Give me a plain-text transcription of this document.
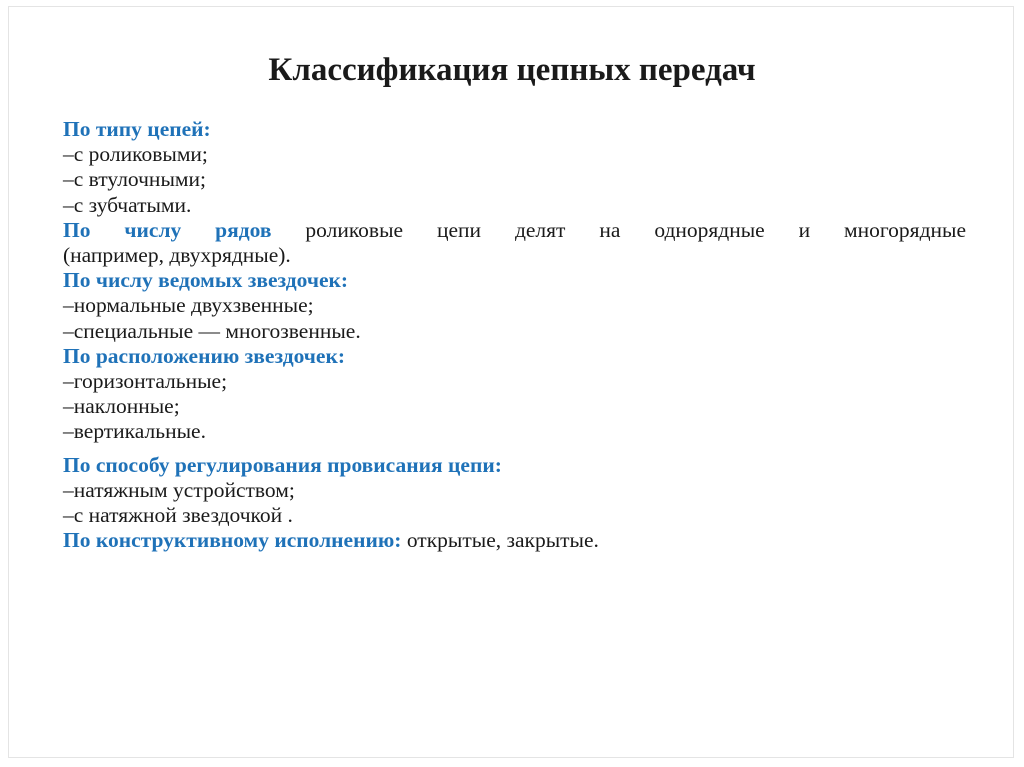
Классификация цепных передач
По типу цепей:
–с роликовыми;
–с втулочными;
–с зубчатыми.
По числу рядов роликовые цепи делят на однорядные и многорядные
(например, двухрядные).
По числу ведомых звездочек:
–нормальные двухзвенные;
–специальные — многозвенные.
По расположению звездочек:
–горизонтальные;
–наклонные;
–вертикальные.
По способу регулирования провисания цепи:
–натяжным устройством;
–с натяжной звездочкой .
По конструктивному исполнению: открытые, закрытые.
